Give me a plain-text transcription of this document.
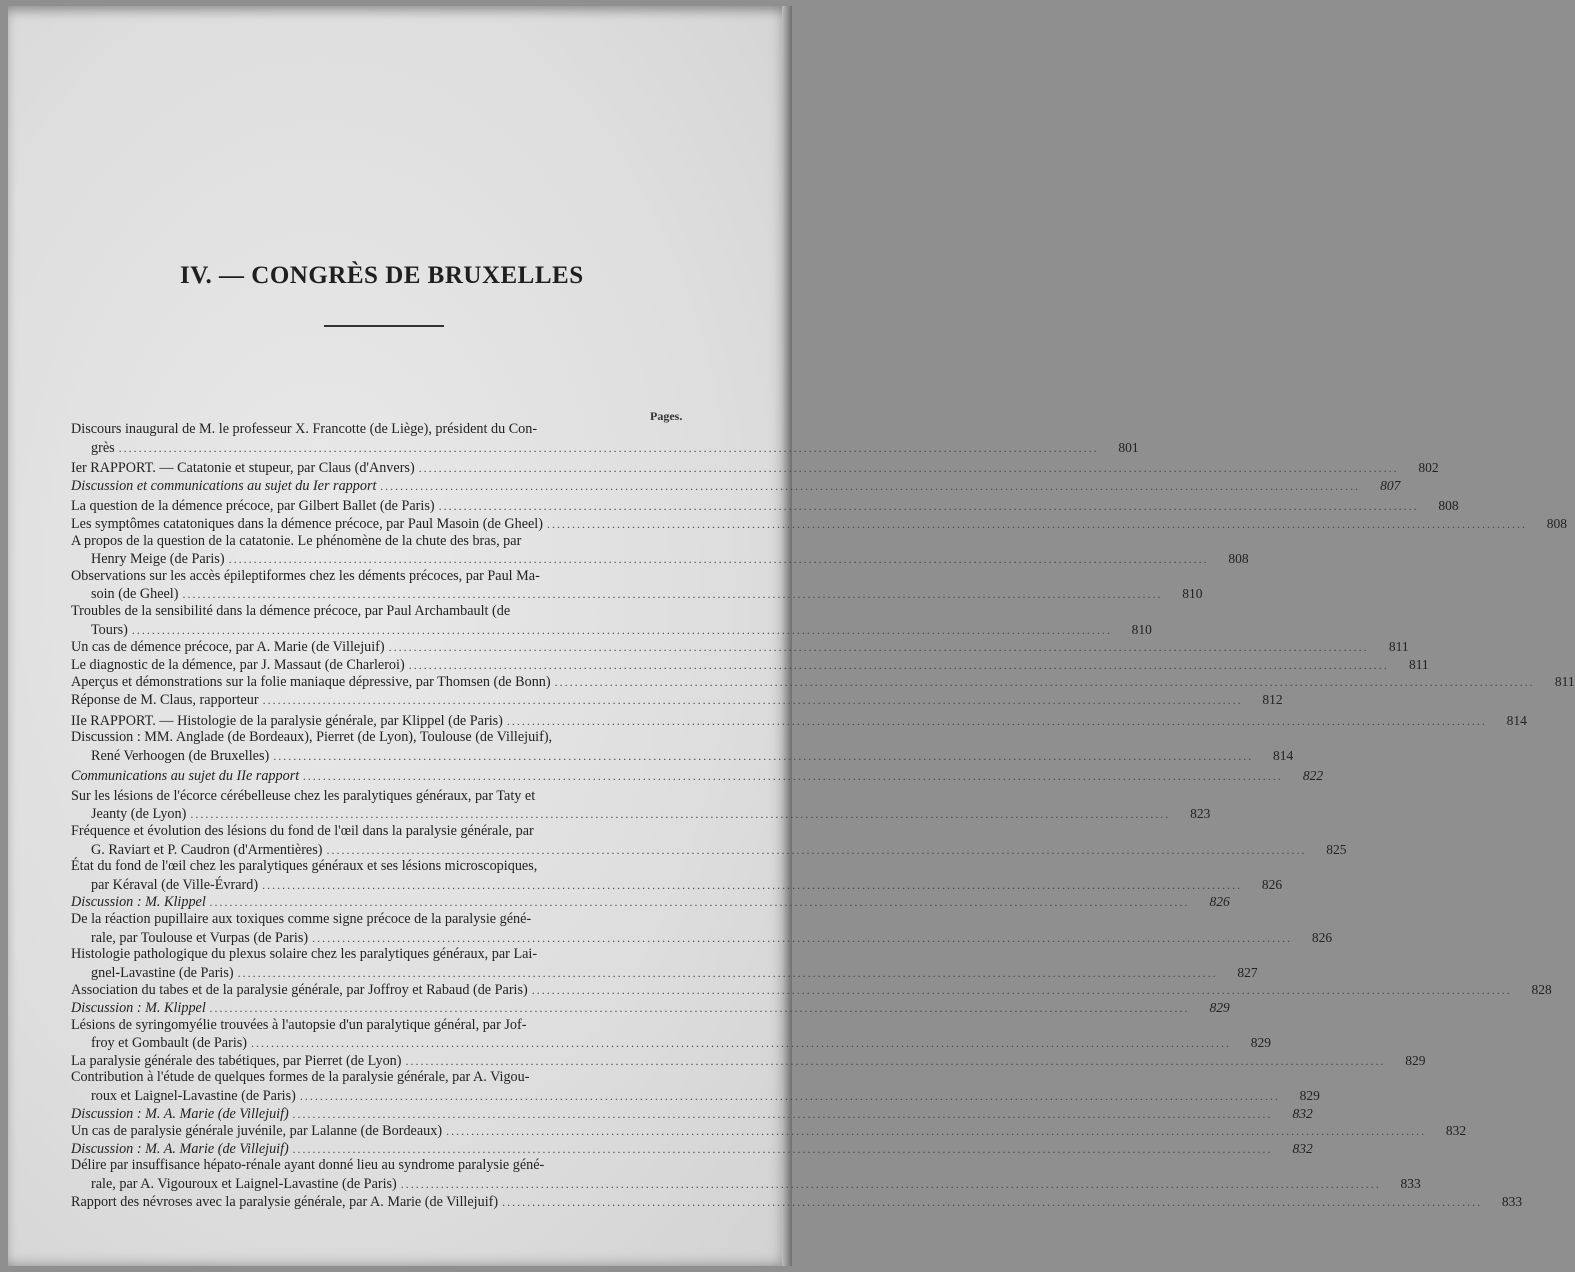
IV. — CONGRÈS DE BRUXELLES
Pages.
Discours inaugural de M. le professeur X. Francotte (de Liège), président du Con-
grès .....	801
Ier RAPPORT. — Catatonie et stupeur, par Claus (d'Anvers) .....	802
Discussion et communications au sujet du Ier rapport .....	807
La question de la démence précoce, par Gilbert Ballet (de Paris) .....	808
Les symptômes catatoniques dans la démence précoce, par Paul Masoin (de Gheel) .....	808
A propos de la question de la catatonie. Le phénomène de la chute des bras, par
Henry Meige (de Paris) .....	808
Observations sur les accès épileptiformes chez les déments précoces, par Paul Ma-
soin (de Gheel) .....	810
Troubles de la sensibilité dans la démence précoce, par Paul Archambault (de
Tours) .....	810
Un cas de démence précoce, par A. Marie (de Villejuif) .....	811
Le diagnostic de la démence, par J. Massaut (de Charleroi) .....	811
Aperçus et démonstrations sur la folie maniaque dépressive, par Thomsen (de Bonn) .....	811
Réponse de M. Claus, rapporteur .....	812
IIe RAPPORT. — Histologie de la paralysie générale, par Klippel (de Paris) .....	814
Discussion : MM. Anglade (de Bordeaux), Pierret (de Lyon), Toulouse (de Villejuif),
René Verhoogen (de Bruxelles) .....	814
Communications au sujet du IIe rapport .....	822
Sur les lésions de l'écorce cérébelleuse chez les paralytiques généraux, par Taty et
Jeanty (de Lyon) .....	823
Fréquence et évolution des lésions du fond de l'œil dans la paralysie générale, par
G. Raviart et P. Caudron (d'Armentières) .....	825
État du fond de l'œil chez les paralytiques généraux et ses lésions microscopiques,
par Kéraval (de Ville-Évrard) .....	826
Discussion : M. Klippel .....	826
De la réaction pupillaire aux toxiques comme signe précoce de la paralysie géné-
rale, par Toulouse et Vurpas (de Paris) .....	826
Histologie pathologique du plexus solaire chez les paralytiques généraux, par Lai-
gnel-Lavastine (de Paris) .....	827
Association du tabes et de la paralysie générale, par Joffroy et Rabaud (de Paris) .....	828
Discussion : M. Klippel .....	829
Lésions de syringomyélie trouvées à l'autopsie d'un paralytique général, par Jof-
froy et Gombault (de Paris) .....	829
La paralysie générale des tabétiques, par Pierret (de Lyon) .....	829
Contribution à l'étude de quelques formes de la paralysie générale, par A. Vigou-
roux et Laignel-Lavastine (de Paris) .....	829
Discussion : M. A. Marie (de Villejuif) .....	832
Un cas de paralysie générale juvénile, par Lalanne (de Bordeaux) .....	832
Discussion : M. A. Marie (de Villejuif) .....	832
Délire par insuffisance hépato-rénale ayant donné lieu au syndrome paralysie géné-
rale, par A. Vigouroux et Laignel-Lavastine (de Paris) .....	833
Rapport des névroses avec la paralysie générale, par A. Marie (de Villejuif) .....	833
